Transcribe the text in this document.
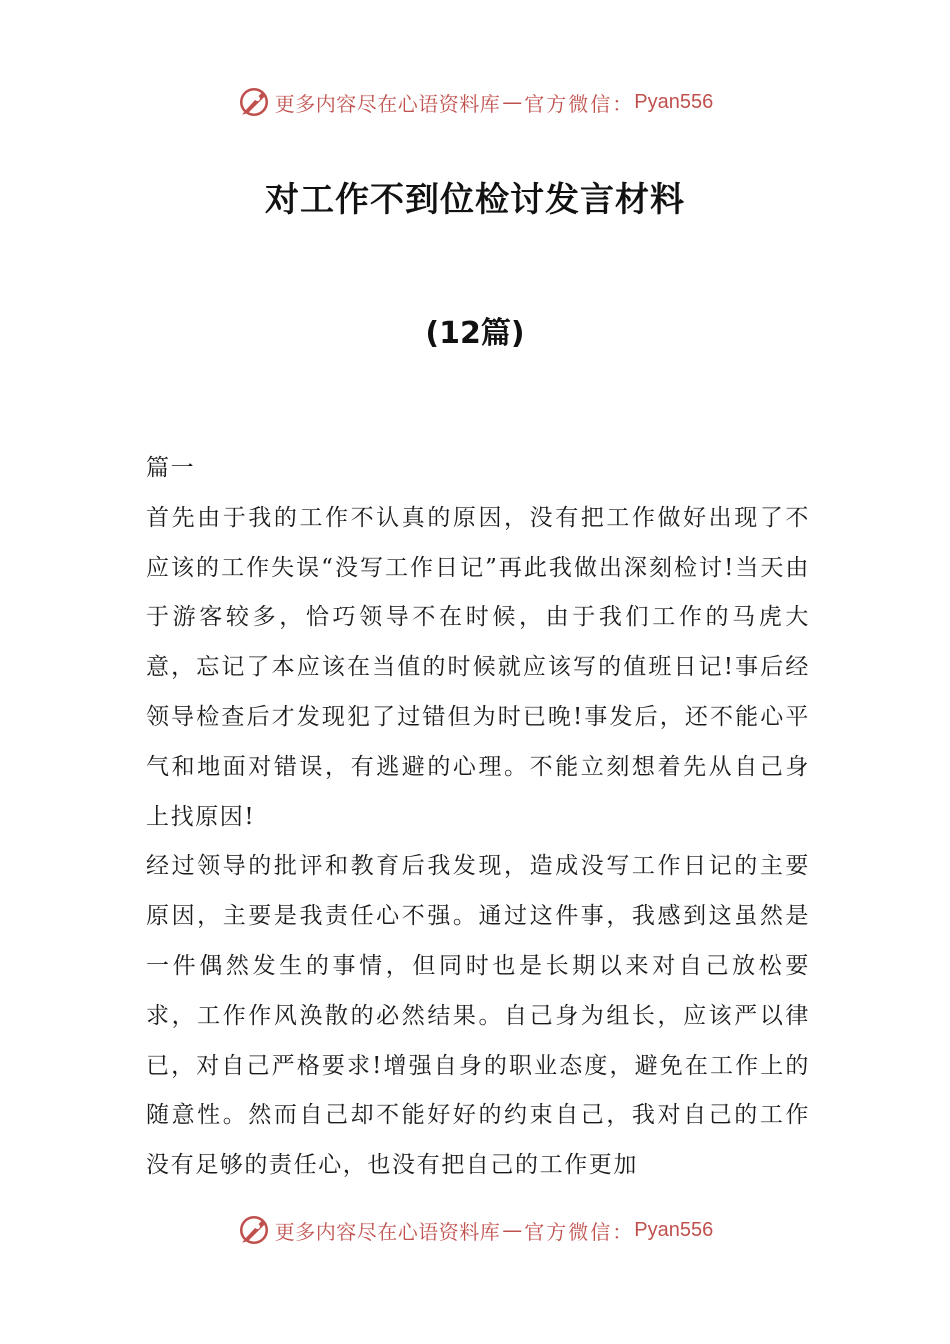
更多内容尽在心语资料库 — 官方微信： Pyan556
对工作不到位检讨发言材料
(12篇)
篇一

首先由于我的工作不认真的原因，没有把工作做好出现了不应该的工作失误“没写工作日记”再此我做出深刻检讨!当天由于游客较多，恰巧领导不在时候，由于我们工作的马虎大意，忘记了本应该在当值的时候就应该写的值班日记!事后经领导检查后才发现犯了过错但为时已晚!事发后，还不能心平气和地面对错误，有逃避的心理。不能立刻想着先从自己身上找原因!

经过领导的批评和教育后我发现，造成没写工作日记的主要原因，主要是我责任心不强。通过这件事，我感到这虽然是一件偶然发生的事情，但同时也是长期以来对自己放松要求，工作作风涣散的必然结果。自己身为组长，应该严以律已，对自己严格要求!增强自身的职业态度，避免在工作上的随意性。然而自己却不能好好的约束自己，我对自己的工作没有足够的责任心，也没有把自己的工作更加

更多内容尽在心语资料库 — 官方微信： Pyan556
